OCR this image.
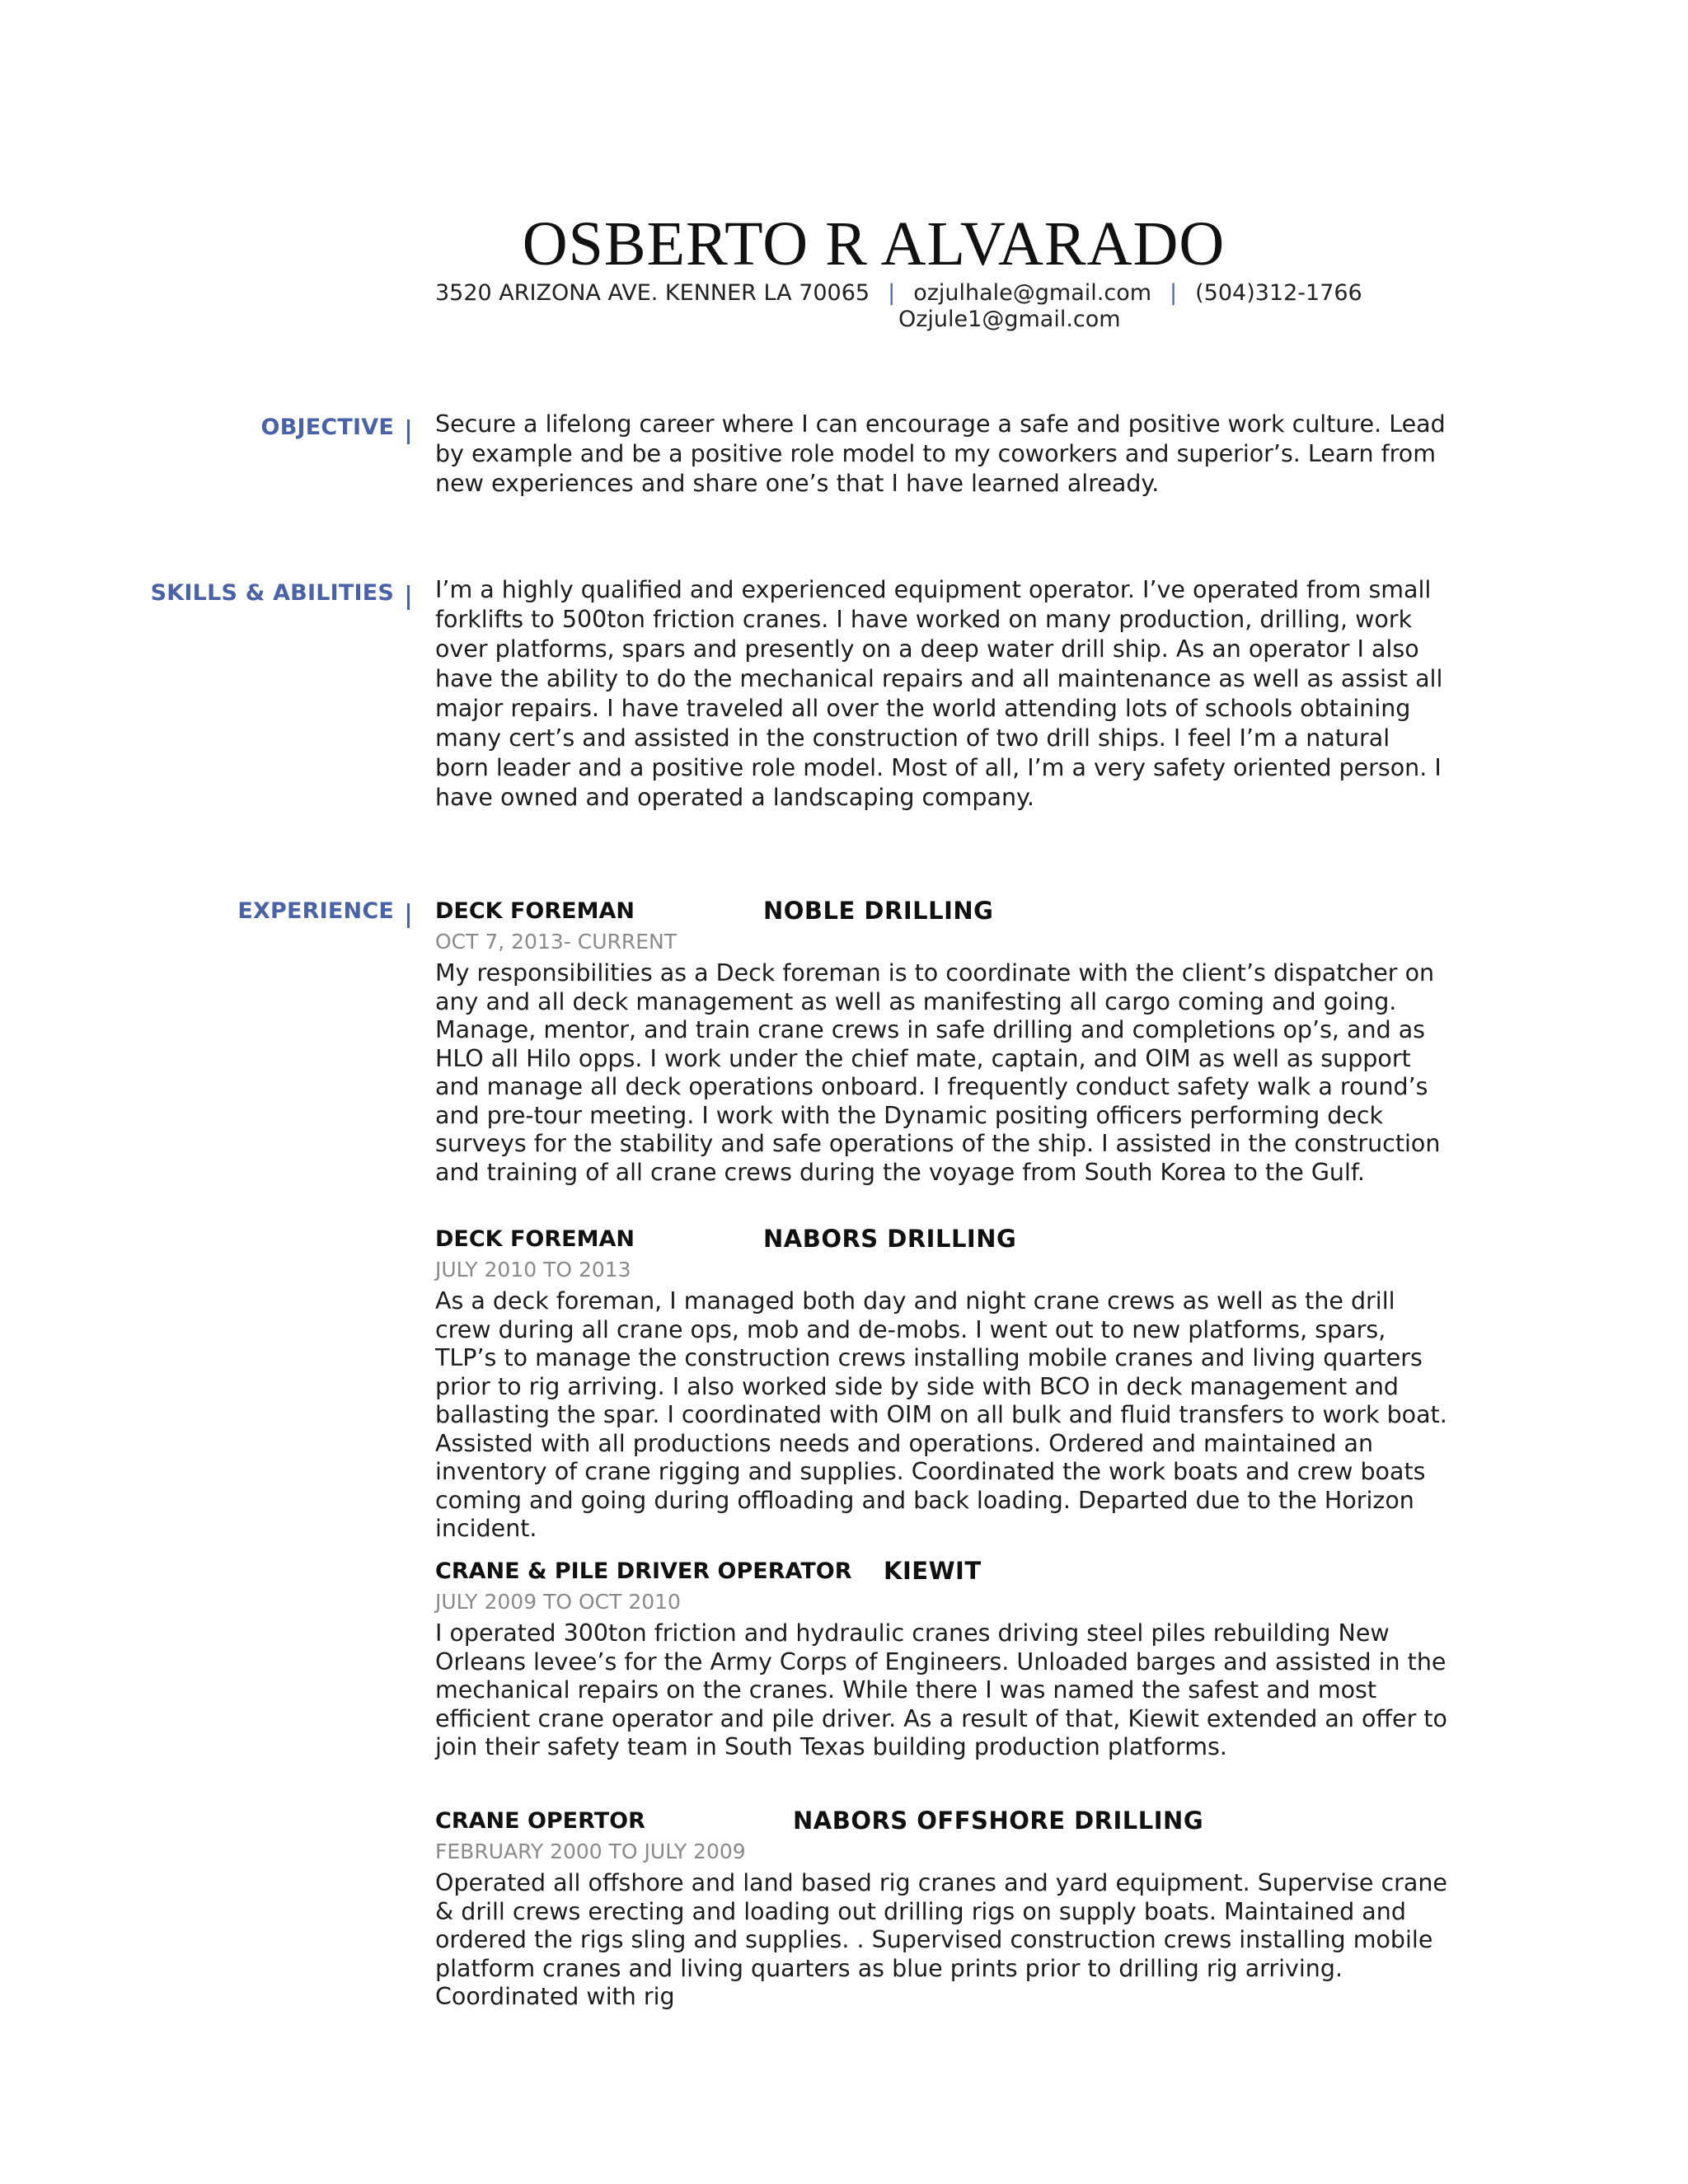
OSBERTO R ALVARADO
3520 ARIZONA AVE. KENNER LA 70065 | ozjulhale@gmail.com | (504)312-1766
Ozjule1@gmail.com
OBJECTIVE Secure a lifelong career where I can encourage a safe and positive work culture. Lead by example and be a positive role model to my coworkers and superior’s. Learn from new experiences and share one’s that I have learned already.
SKILLS & ABILITIES I’m a highly qualified and experienced equipment operator. I’ve operated from small forklifts to 500ton friction cranes. I have worked on many production, drilling, work over platforms, spars and presently on a deep water drill ship. As an operator I also have the ability to do the mechanical repairs and all maintenance as well as assist all major repairs. I have traveled all over the world attending lots of schools obtaining many cert’s and assisted in the construction of two drill ships. I feel I’m a natural born leader and a positive role model. Most of all, I’m a very safety oriented person. I have owned and operated a landscaping company.
EXPERIENCE DECK FOREMAN	NOBLE DRILLING
OCT 7, 2013- CURRENT
My responsibilities as a Deck foreman is to coordinate with the client’s dispatcher on any and all deck management as well as manifesting all cargo coming and going. Manage, mentor, and train crane crews in safe drilling and completions op’s, and as HLO all Hilo opps. I work under the chief mate, captain, and OIM as well as support and manage all deck operations onboard. I frequently conduct safety walk a round’s and pre-tour meeting. I work with the Dynamic positing officers performing deck surveys for the stability and safe operations of the ship. I assisted in the construction and training of all crane crews during the voyage from South Korea to the Gulf.
DECK FOREMAN	NABORS DRILLING
JULY 2010 TO 2013
As a deck foreman, I managed both day and night crane crews as well as the drill crew during all crane ops, mob and de-mobs. I went out to new platforms, spars, TLP’s to manage the construction crews installing mobile cranes and living quarters prior to rig arriving. I also worked side by side with BCO in deck management and ballasting the spar. I coordinated with OIM on all bulk and fluid transfers to work boat. Assisted with all productions needs and operations. Ordered and maintained an inventory of crane rigging and supplies. Coordinated the work boats and crew boats coming and going during offloading and back loading. Departed due to the Horizon incident.
CRANE & PILE DRIVER OPERATOR KIEWIT
JULY 2009 TO OCT 2010
I operated 300ton friction and hydraulic cranes driving steel piles rebuilding New Orleans levee’s for the Army Corps of Engineers. Unloaded barges and assisted in the mechanical repairs on the cranes. While there I was named the safest and most efficient crane operator and pile driver. As a result of that, Kiewit extended an offer to join their safety team in South Texas building production platforms.
CRANE OPERTOR	NABORS OFFSHORE DRILLING
FEBRUARY 2000 TO JULY 2009
Operated all offshore and land based rig cranes and yard equipment. Supervise crane & drill crews erecting and loading out drilling rigs on supply boats. Maintained and ordered the rigs sling and supplies. . Supervised construction crews installing mobile platform cranes and living quarters as blue prints prior to drilling rig arriving. Coordinated with rig
